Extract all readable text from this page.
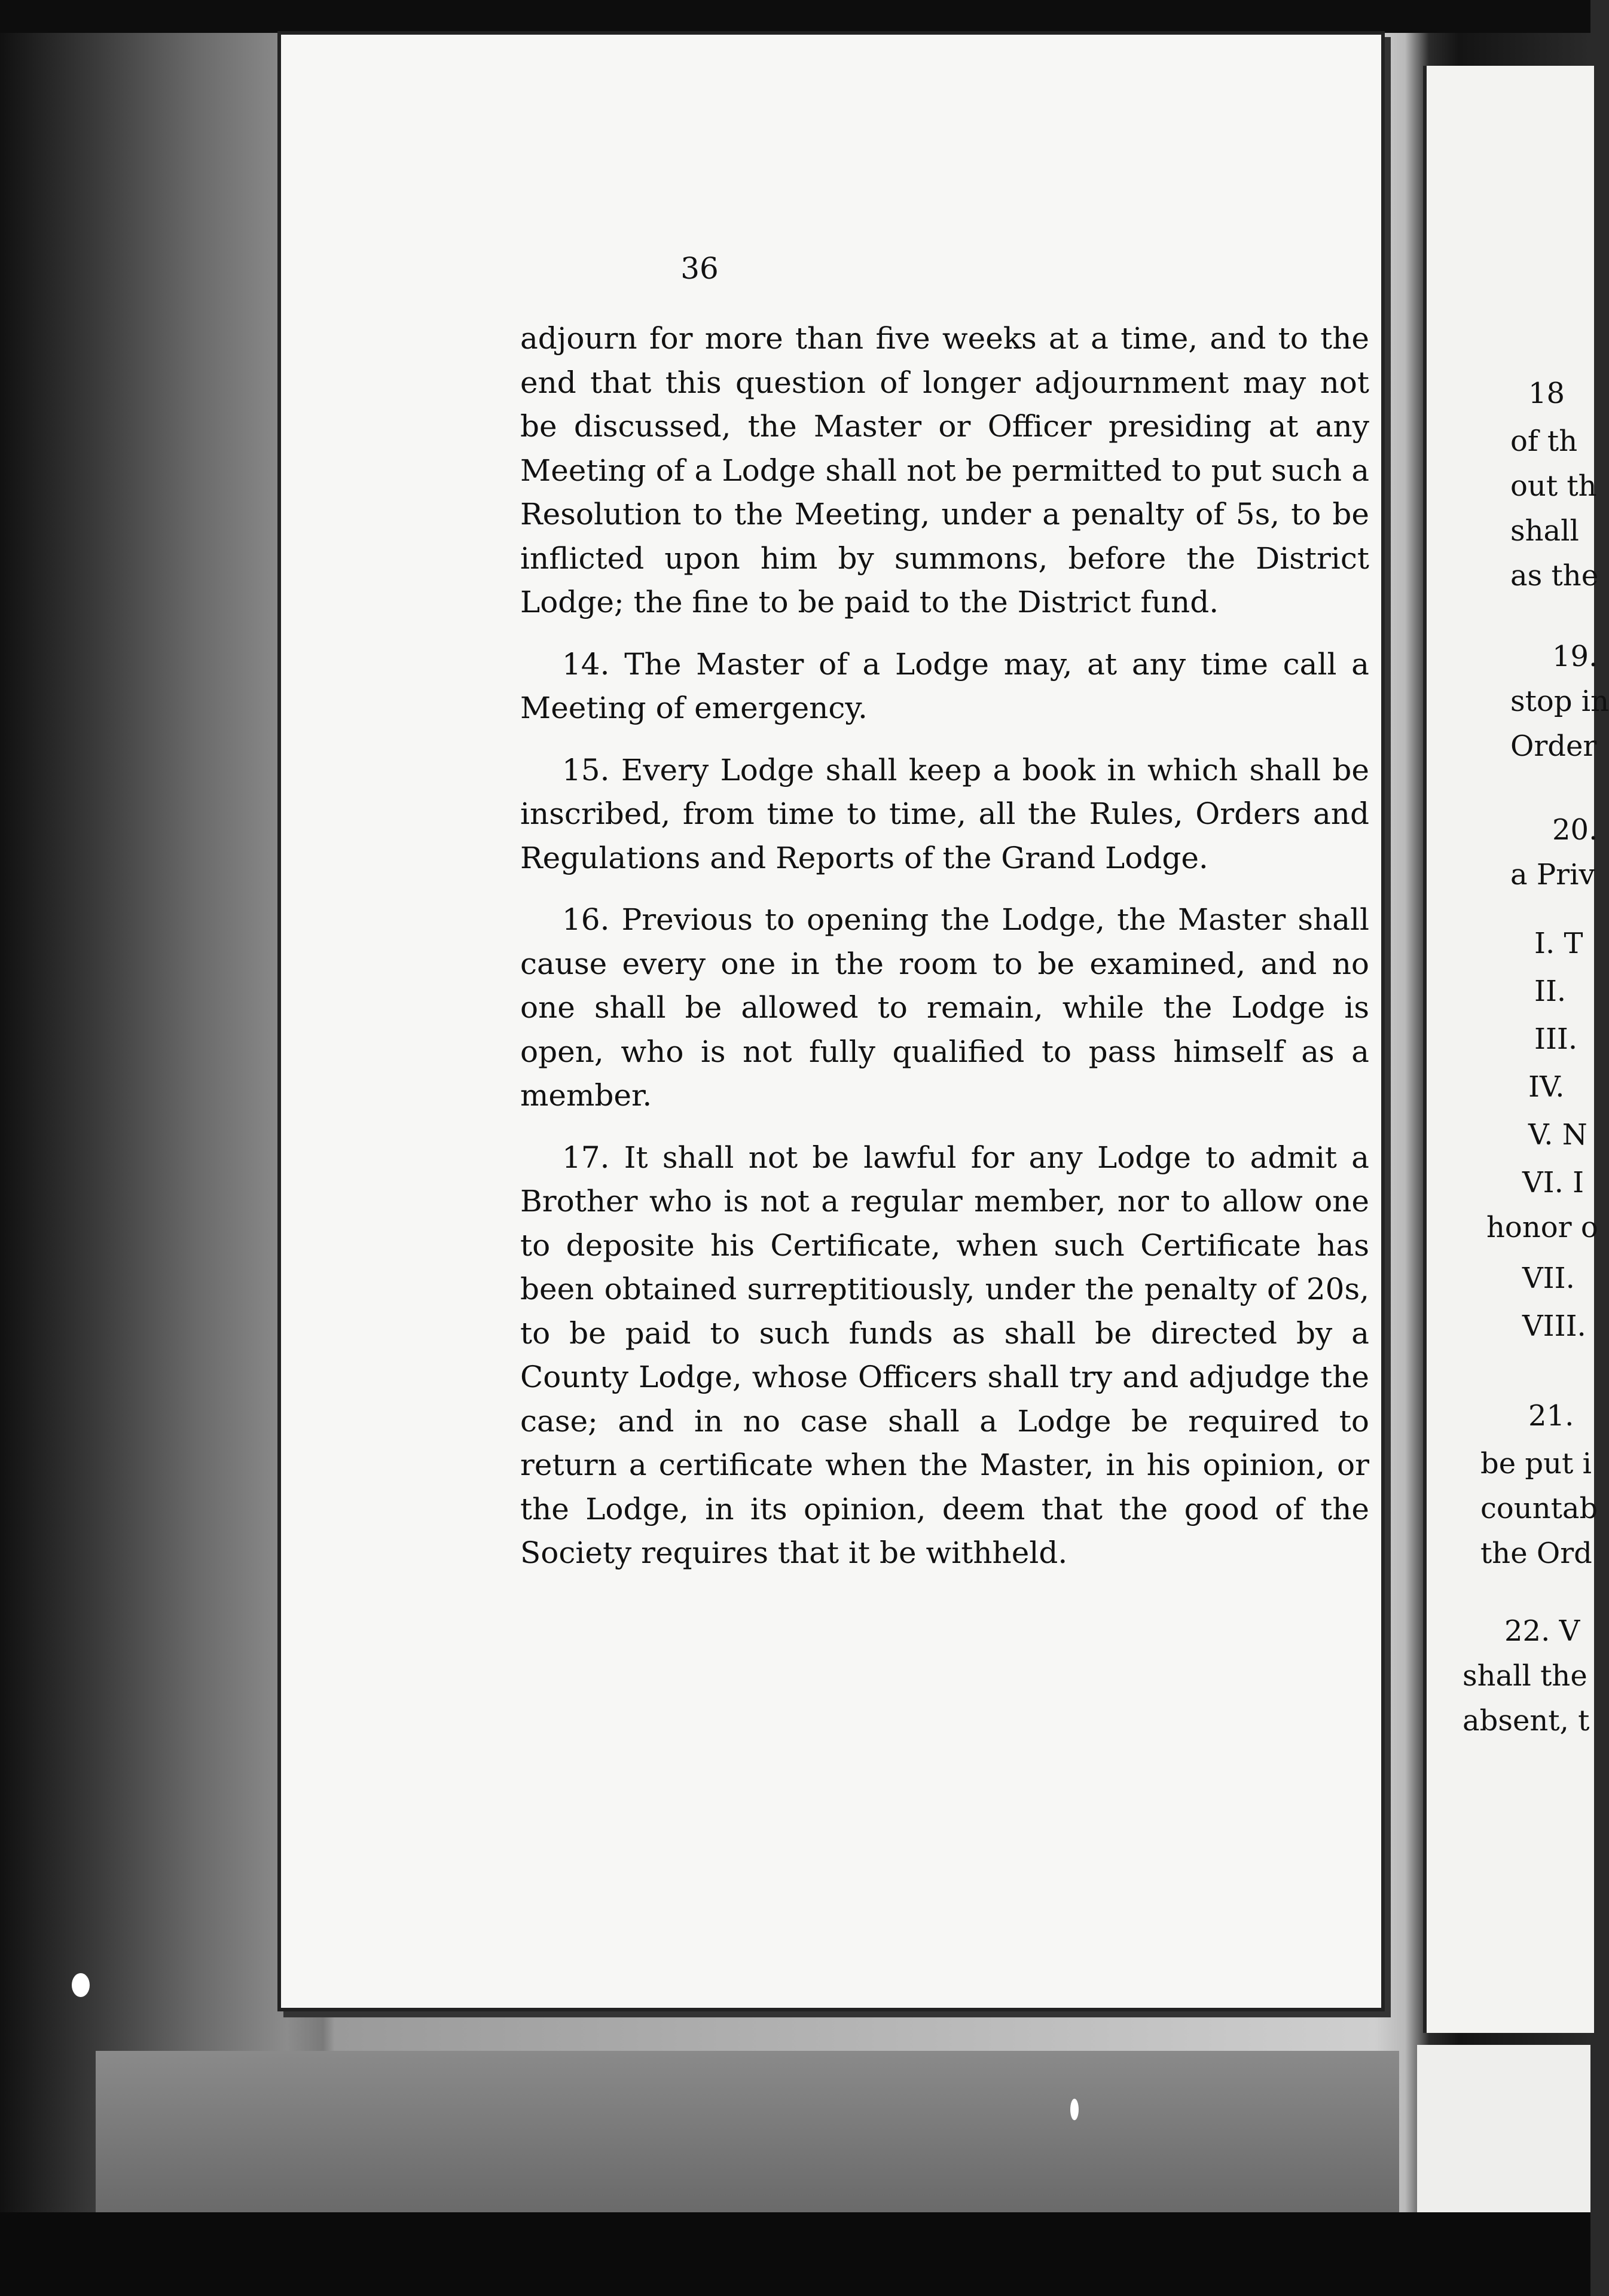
36

adjourn for more than five weeks at a time, and to the end that this question of longer adjournment may not be discussed, the Master or Officer presiding at any Meeting of a Lodge shall not be permitted to put such a Resolution to the Meeting, under a penalty of 5s, to be inflicted upon him by summons, before the District Lodge; the fine to be paid to the District fund.

14. The Master of a Lodge may, at any time call a Meeting of emergency.

15. Every Lodge shall keep a book in which shall be inscribed, from time to time, all the Rules, Orders and Regulations and Reports of the Grand Lodge.

16. Previous to opening the Lodge, the Master shall cause every one in the room to be examined, and no one shall be allowed to remain, while the Lodge is open, who is not fully qualified to pass himself as a member.

17. It shall not be lawful for any Lodge to admit a Brother who is not a regular member, nor to allow one to deposite his Certificate, when such Certificate has been obtained surreptitiously, under the penalty of 20s, to be paid to such funds as shall be directed by a County Lodge, whose Officers shall try and adjudge the case; and in no case shall a Lodge be required to return a certificate when the Master, in his opinion, or the Lodge, in its opinion, deem that the good of the Society requires that it be withheld.

18
of th
out th
shall
as the
19.
stop in
Order
20.
a Priv
I. T
II.
III.
IV.
V. N
VI. I
honor o
VII.
VIII.
21.
be put i
countab
the Ord
22. V
shall the
absent, t
